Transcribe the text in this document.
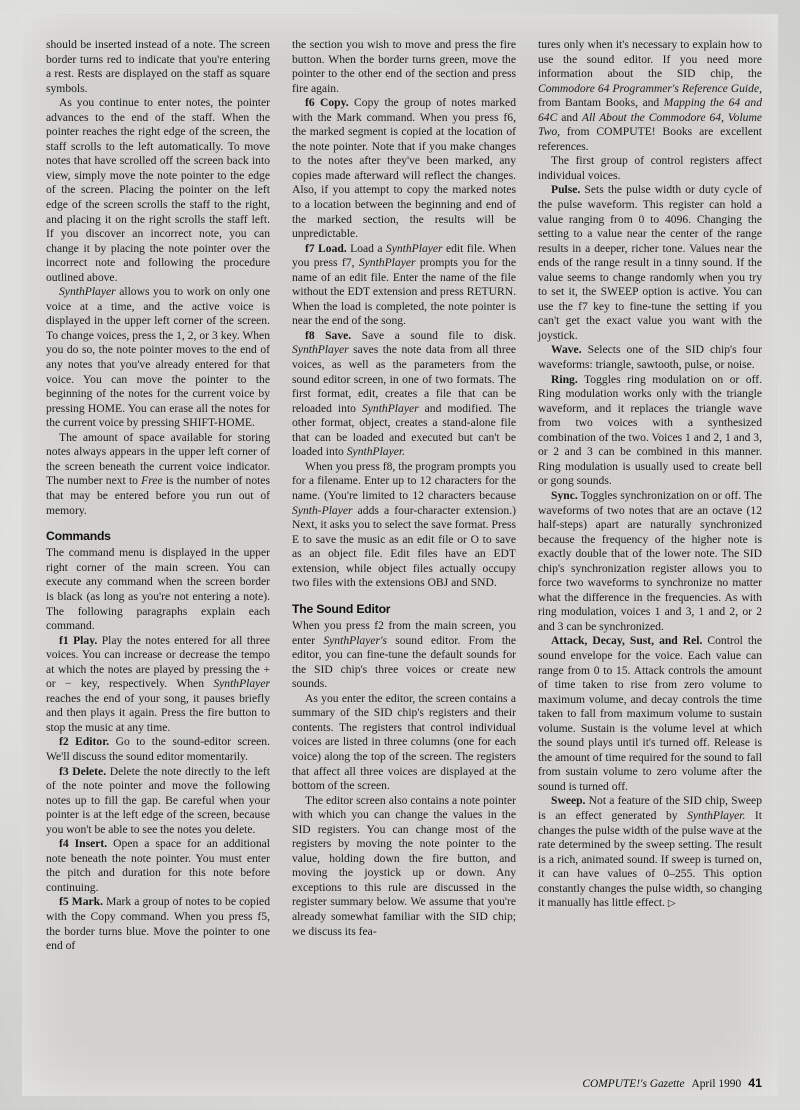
should be inserted instead of a note. The screen border turns red to indicate that you're entering a rest. Rests are displayed on the staff as square symbols.

As you continue to enter notes, the pointer advances to the end of the staff. When the pointer reaches the right edge of the screen, the staff scrolls to the left automatically. To move notes that have scrolled off the screen back into view, simply move the note pointer to the edge of the screen. Placing the pointer on the left edge of the screen scrolls the staff to the right, and placing it on the right scrolls the staff left. If you discover an incorrect note, you can change it by placing the note pointer over the incorrect note and following the procedure outlined above.

SynthPlayer allows you to work on only one voice at a time, and the active voice is displayed in the upper left corner of the screen. To change voices, press the 1, 2, or 3 key. When you do so, the note pointer moves to the end of any notes that you've already entered for that voice. You can move the pointer to the beginning of the notes for the current voice by pressing HOME. You can erase all the notes for the current voice by pressing SHIFT-HOME.

The amount of space available for storing notes always appears in the upper left corner of the screen beneath the current voice indicator. The number next to Free is the number of notes that may be entered before you run out of memory.

Commands

The command menu is displayed in the upper right corner of the main screen. You can execute any command when the screen border is black (as long as you're not entering a note). The following paragraphs explain each command.

f1 Play. Play the notes entered for all three voices. You can increase or decrease the tempo at which the notes are played by pressing the + or − key, respectively. When SynthPlayer reaches the end of your song, it pauses briefly and then plays it again. Press the fire button to stop the music at any time.

f2 Editor. Go to the sound-editor screen. We'll discuss the sound editor momentarily.

f3 Delete. Delete the note directly to the left of the note pointer and move the following notes up to fill the gap. Be careful when your pointer is at the left edge of the screen, because you won't be able to see the notes you delete.

f4 Insert. Open a space for an additional note beneath the note pointer. You must enter the pitch and duration for this note before continuing.

f5 Mark. Mark a group of notes to be copied with the Copy command. When you press f5, the border turns blue. Move the pointer to one end of

the section you wish to move and press the fire button. When the border turns green, move the pointer to the other end of the section and press fire again.

f6 Copy. Copy the group of notes marked with the Mark command. When you press f6, the marked segment is copied at the location of the note pointer. Note that if you make changes to the notes after they've been marked, any copies made afterward will reflect the changes. Also, if you attempt to copy the marked notes to a location between the beginning and end of the marked section, the results will be unpredictable.

f7 Load. Load a SynthPlayer edit file. When you press f7, SynthPlayer prompts you for the name of an edit file. Enter the name of the file without the EDT extension and press RETURN. When the load is completed, the note pointer is near the end of the song.

f8 Save. Save a sound file to disk. SynthPlayer saves the note data from all three voices, as well as the parameters from the sound editor screen, in one of two formats. The first format, edit, creates a file that can be reloaded into SynthPlayer and modified. The other format, object, creates a stand-alone file that can be loaded and executed but can't be loaded into SynthPlayer.

When you press f8, the program prompts you for a filename. Enter up to 12 characters for the name. (You're limited to 12 characters because Synth-Player adds a four-character extension.) Next, it asks you to select the save format. Press E to save the music as an edit file or O to save as an object file. Edit files have an EDT extension, while object files actually occupy two files with the extensions OBJ and SND.

The Sound Editor

When you press f2 from the main screen, you enter SynthPlayer's sound editor. From the editor, you can fine-tune the default sounds for the SID chip's three voices or create new sounds.

As you enter the editor, the screen contains a summary of the SID chip's registers and their contents. The registers that control individual voices are listed in three columns (one for each voice) along the top of the screen. The registers that affect all three voices are displayed at the bottom of the screen.

The editor screen also contains a note pointer with which you can change the values in the SID registers. You can change most of the registers by moving the note pointer to the value, holding down the fire button, and moving the joystick up or down. Any exceptions to this rule are discussed in the register summary below. We assume that you're already somewhat familiar with the SID chip; we discuss its fea-

tures only when it's necessary to explain how to use the sound editor. If you need more information about the SID chip, the Commodore 64 Programmer's Reference Guide, from Bantam Books, and Mapping the 64 and 64C and All About the Commodore 64, Volume Two, from COMPUTE! Books are excellent references.

The first group of control registers affect individual voices.

Pulse. Sets the pulse width or duty cycle of the pulse waveform. This register can hold a value ranging from 0 to 4096. Changing the setting to a value near the center of the range results in a deeper, richer tone. Values near the ends of the range result in a tinny sound. If the value seems to change randomly when you try to set it, the SWEEP option is active. You can use the f7 key to fine-tune the setting if you can't get the exact value you want with the joystick.

Wave. Selects one of the SID chip's four waveforms: triangle, sawtooth, pulse, or noise.

Ring. Toggles ring modulation on or off. Ring modulation works only with the triangle waveform, and it replaces the triangle wave from two voices with a synthesized combination of the two. Voices 1 and 2, 1 and 3, or 2 and 3 can be combined in this manner. Ring modulation is usually used to create bell or gong sounds.

Sync. Toggles synchronization on or off. The waveforms of two notes that are an octave (12 half-steps) apart are naturally synchronized because the frequency of the higher note is exactly double that of the lower note. The SID chip's synchronization register allows you to force two waveforms to synchronize no matter what the difference in the frequencies. As with ring modulation, voices 1 and 3, 1 and 2, or 2 and 3 can be synchronized.

Attack, Decay, Sust, and Rel. Control the sound envelope for the voice. Each value can range from 0 to 15. Attack controls the amount of time taken to rise from zero volume to maximum volume, and decay controls the time taken to fall from maximum volume to sustain volume. Sustain is the volume level at which the sound plays until it's turned off. Release is the amount of time required for the sound to fall from sustain volume to zero volume after the sound is turned off.

Sweep. Not a feature of the SID chip, Sweep is an effect generated by SynthPlayer. It changes the pulse width of the pulse wave at the rate determined by the sweep setting. The result is a rich, animated sound. If sweep is turned on, it can have values of 0–255. This option constantly changes the pulse width, so changing it manually has little effect. ▷

COMPUTE!'s Gazette April 1990 41
